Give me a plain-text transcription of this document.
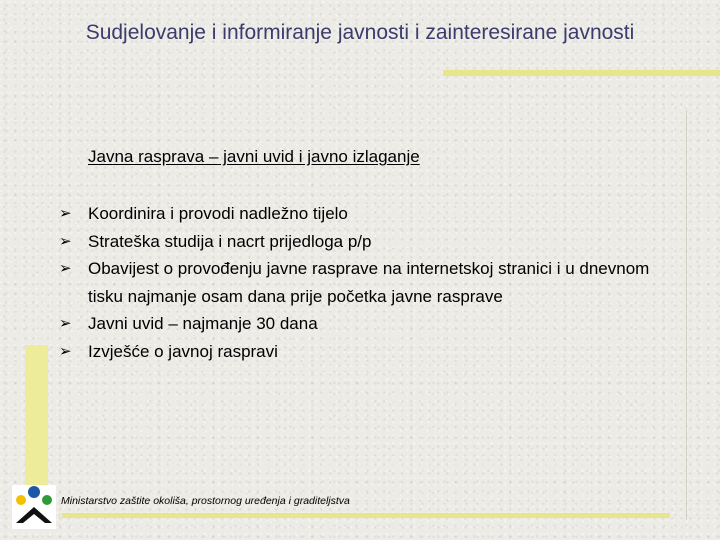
Sudjelovanje i informiranje javnosti i zainteresirane javnosti
Javna rasprava – javni uvid i javno izlaganje
➢ Koordinira i provodi nadležno tijelo
➢ Strateška studija i nacrt prijedloga p/p
➢ Obavijest o provođenju javne rasprave na internetskoj stranici i u dnevnom tisku najmanje osam dana prije početka javne rasprave
➢ Javni uvid – najmanje 30 dana
➢ Izvješće o javnoj raspravi
Ministarstvo zaštite okoliša, prostornog uređenja i graditeljstva
